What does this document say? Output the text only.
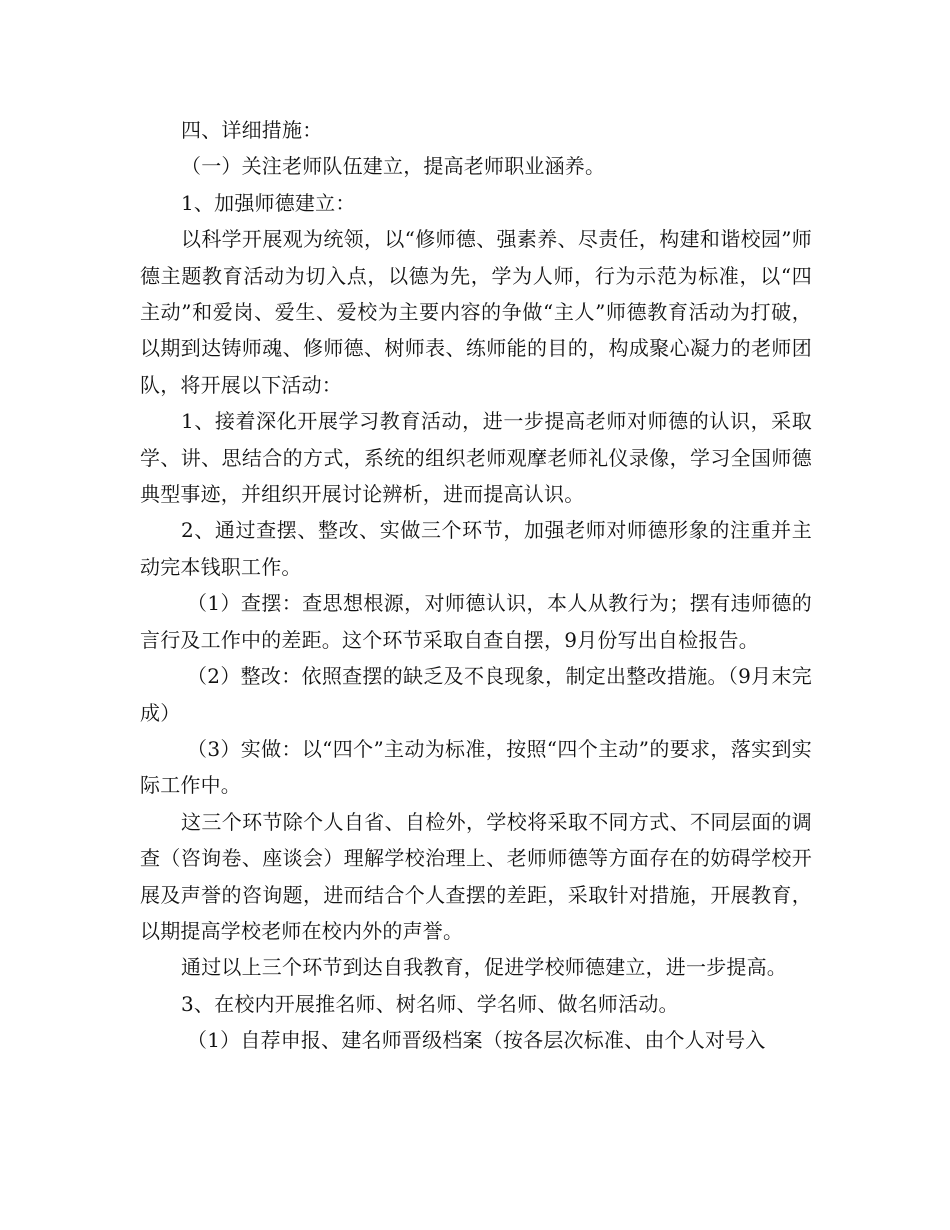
四、详细措施：

（一）关注老师队伍建立，提高老师职业涵养。

1、加强师德建立：

以科学开展观为统领，以“修师德、强素养、尽责任，构建和谐校园”师德主题教育活动为切入点，以德为先，学为人师，行为示范为标准，以“四主动”和爱岗、爱生、爱校为主要内容的争做“主人”师德教育活动为打破，以期到达铸师魂、修师德、树师表、练师能的目的，构成聚心凝力的老师团队，将开展以下活动：

1、接着深化开展学习教育活动，进一步提高老师对师德的认识，采取学、讲、思结合的方式，系统的组织老师观摩老师礼仪录像，学习全国师德典型事迹，并组织开展讨论辨析，进而提高认识。

2、通过查摆、整改、实做三个环节，加强老师对师德形象的注重并主动完本钱职工作。

（1）查摆：查思想根源，对师德认识，本人从教行为；摆有违师德的言行及工作中的差距。这个环节采取自查自摆，9月份写出自检报告。

（2）整改：依照查摆的缺乏及不良现象，制定出整改措施。（9月末完成）

（3）实做：以“四个”主动为标准，按照“四个主动”的要求，落实到实际工作中。

这三个环节除个人自省、自检外，学校将采取不同方式、不同层面的调查（咨询卷、座谈会）理解学校治理上、老师师德等方面存在的妨碍学校开展及声誉的咨询题，进而结合个人查摆的差距，采取针对措施，开展教育，以期提高学校老师在校内外的声誉。

通过以上三个环节到达自我教育，促进学校师德建立，进一步提高。

3、在校内开展推名师、树名师、学名师、做名师活动。

（1）自荐申报、建名师晋级档案（按各层次标准、由个人对号入
